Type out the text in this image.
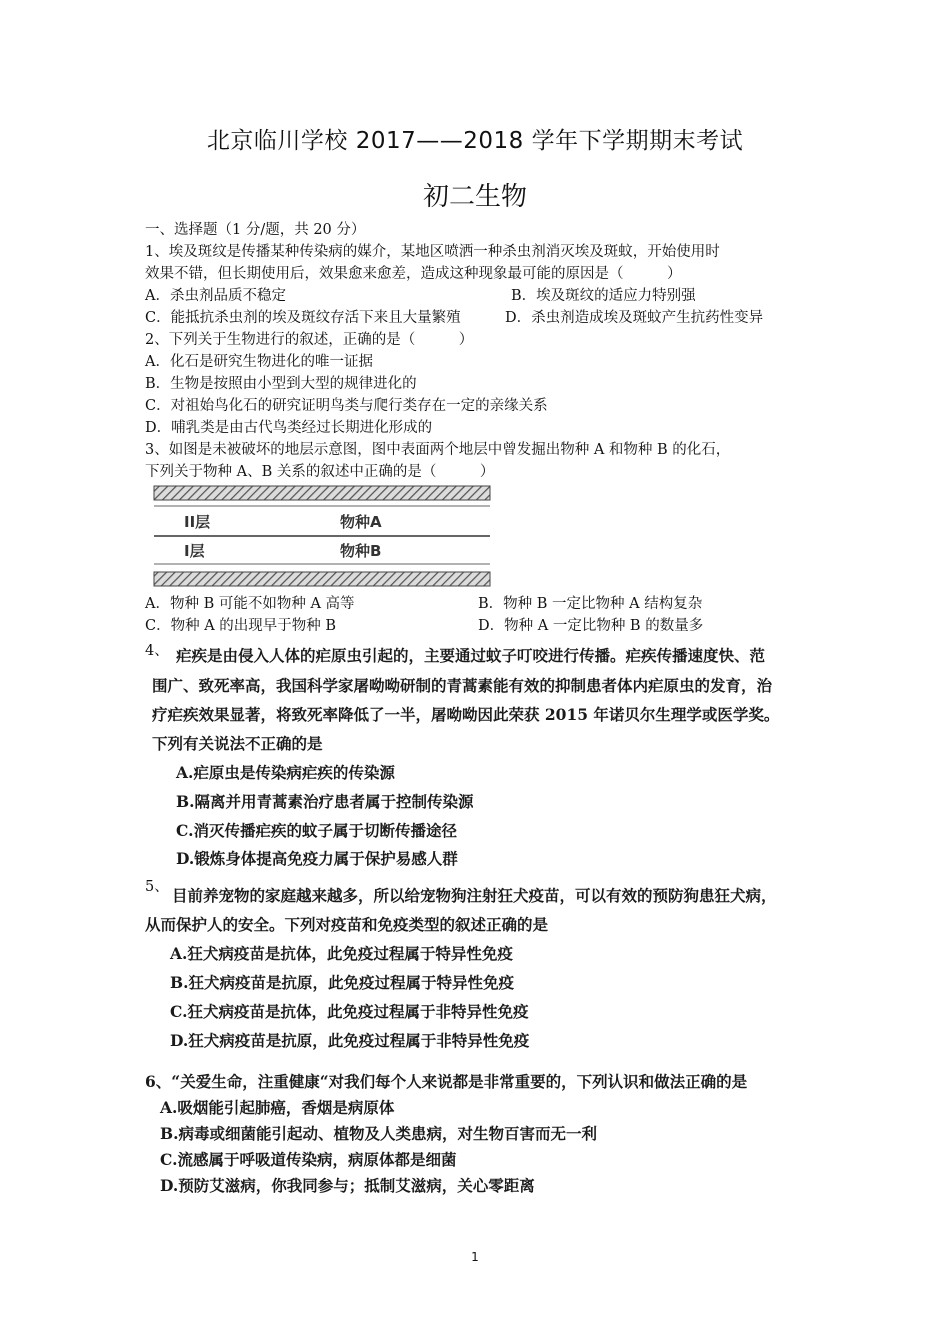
北京临川学校 2017——2018 学年下学期期末考试
初二生物
一、选择题（1 分/题，共 20 分）
1、埃及斑纹是传播某种传染病的媒介，某地区喷洒一种杀虫剂消灭埃及斑蚊，开始使用时
效果不错，但长期使用后，效果愈来愈差，造成这种现象最可能的原因是（　　　）
A．杀虫剂品质不稳定	B．埃及斑纹的适应力特别强
C．能抵抗杀虫剂的埃及斑纹存活下来且大量繁殖	D．杀虫剂造成埃及斑蚊产生抗药性变异
2、下列关于生物进行的叙述，正确的是（　　　）
A．化石是研究生物进化的唯一证据
B．生物是按照由小型到大型的规律进化的
C．对祖始鸟化石的研究证明鸟类与爬行类存在一定的亲缘关系
D．哺乳类是由古代鸟类经过长期进化形成的
3、如图是未被破坏的地层示意图，图中表面两个地层中曾发掘出物种 A 和物种 B 的化石，
下列关于物种 A、B 关系的叙述中正确的是（　　　）
II层	物种A
I层	物种B
A．物种 B 可能不如物种 A 高等	B．物种 B 一定比物种 A 结构复杂
C．物种 A 的出现早于物种 B	D．物种 A 一定比物种 B 的数量多
4、 疟疾是由侵入人体的疟原虫引起的，主要通过蚊子叮咬进行传播。疟疾传播速度快、范
围广、致死率高，我国科学家屠呦呦研制的青蒿素能有效的抑制患者体内疟原虫的发育，治
疗疟疾效果显著，将致死率降低了一半，屠呦呦因此荣获 2015 年诺贝尔生理学或医学奖。
下列有关说法不正确的是
A.疟原虫是传染病疟疾的传染源
B.隔离并用青蒿素治疗患者属于控制传染源
C.消灭传播疟疾的蚊子属于切断传播途径
D.锻炼身体提高免疫力属于保护易感人群
5、 目前养宠物的家庭越来越多，所以给宠物狗注射狂犬疫苗，可以有效的预防狗患狂犬病，
从而保护人的安全。下列对疫苗和免疫类型的叙述正确的是
A.狂犬病疫苗是抗体，此免疫过程属于特异性免疫
B.狂犬病疫苗是抗原，此免疫过程属于特异性免疫
C.狂犬病疫苗是抗体，此免疫过程属于非特异性免疫
D.狂犬病疫苗是抗原，此免疫过程属于非特异性免疫
6、“关爱生命，注重健康“对我们每个人来说都是非常重要的，下列认识和做法正确的是
A.吸烟能引起肺癌，香烟是病原体
B.病毒或细菌能引起动、植物及人类患病，对生物百害而无一利
C.流感属于呼吸道传染病，病原体都是细菌
D.预防艾滋病，你我同参与；抵制艾滋病，关心零距离
1
